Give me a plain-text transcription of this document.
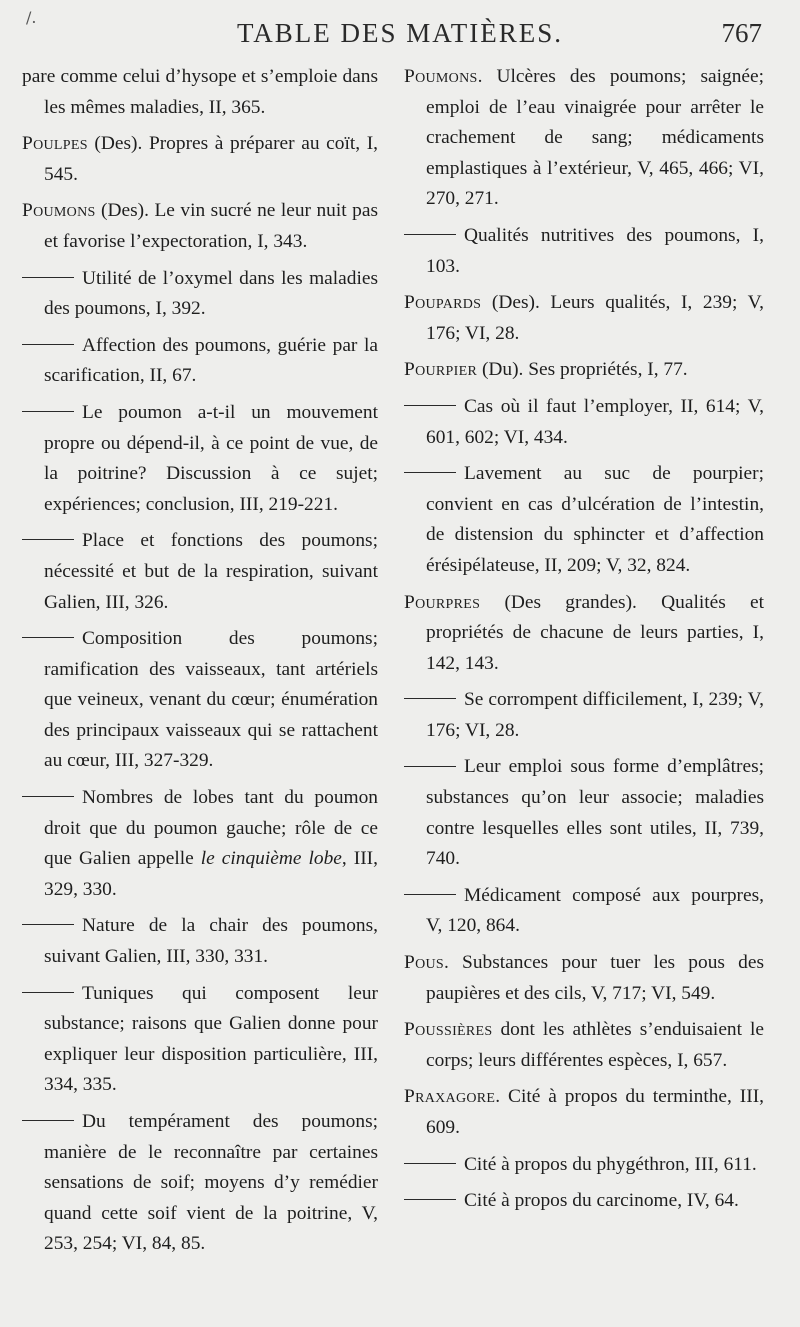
/.
TABLE DES MATIÈRES.	767

pare comme celui d’hysope et s’emploie dans les mêmes maladies, II, 365.

Poulpes (Des). Propres à préparer au coït, I, 545.

Poumons (Des). Le vin sucré ne leur nuit pas et favorise l’expectoration, I, 343.

Utilité de l’oxymel dans les maladies des poumons, I, 392.

Affection des poumons, guérie par la scarification, II, 67.

Le poumon a-t-il un mouvement propre ou dépend-il, à ce point de vue, de la poitrine? Discussion à ce sujet; expériences; conclusion, III, 219-221.

Place et fonctions des poumons; nécessité et but de la respiration, suivant Galien, III, 326.

Composition des poumons; ramification des vaisseaux, tant artériels que veineux, venant du cœur; énumération des principaux vaisseaux qui se rattachent au cœur, III, 327-329.

Nombres de lobes tant du poumon droit que du poumon gauche; rôle de ce que Galien appelle le cinquième lobe, III, 329, 330.

Nature de la chair des poumons, suivant Galien, III, 330, 331.

Tuniques qui composent leur substance; raisons que Galien donne pour expliquer leur disposition particulière, III, 334, 335.

Du tempérament des poumons; manière de le reconnaître par certaines sensations de soif; moyens d’y remédier quand cette soif vient de la poitrine, V, 253, 254; VI, 84, 85.

Poumons. Ulcères des poumons; saignée; emploi de l’eau vinaigrée pour arrêter le crachement de sang; médicaments emplastiques à l’extérieur, V, 465, 466; VI, 270, 271.

Qualités nutritives des poumons, I, 103.

Poupards (Des). Leurs qualités, I, 239; V, 176; VI, 28.

Pourpier (Du). Ses propriétés, I, 77.

Cas où il faut l’employer, II, 614; V, 601, 602; VI, 434.

Lavement au suc de pourpier; convient en cas d’ulcération de l’intestin, de distension du sphincter et d’affection érésipélateuse, II, 209; V, 32, 824.

Pourpres (Des grandes). Qualités et propriétés de chacune de leurs parties, I, 142, 143.

Se corrompent difficilement, I, 239; V, 176; VI, 28.

Leur emploi sous forme d’emplâtres; substances qu’on leur associe; maladies contre lesquelles elles sont utiles, II, 739, 740.

Médicament composé aux pourpres, V, 120, 864.

Pous. Substances pour tuer les pous des paupières et des cils, V, 717; VI, 549.

Poussières dont les athlètes s’enduisaient le corps; leurs différentes espèces, I, 657.

Praxagore. Cité à propos du terminthe, III, 609.

Cité à propos du phygéthron, III, 611.

Cité à propos du carcinome, IV, 64.
